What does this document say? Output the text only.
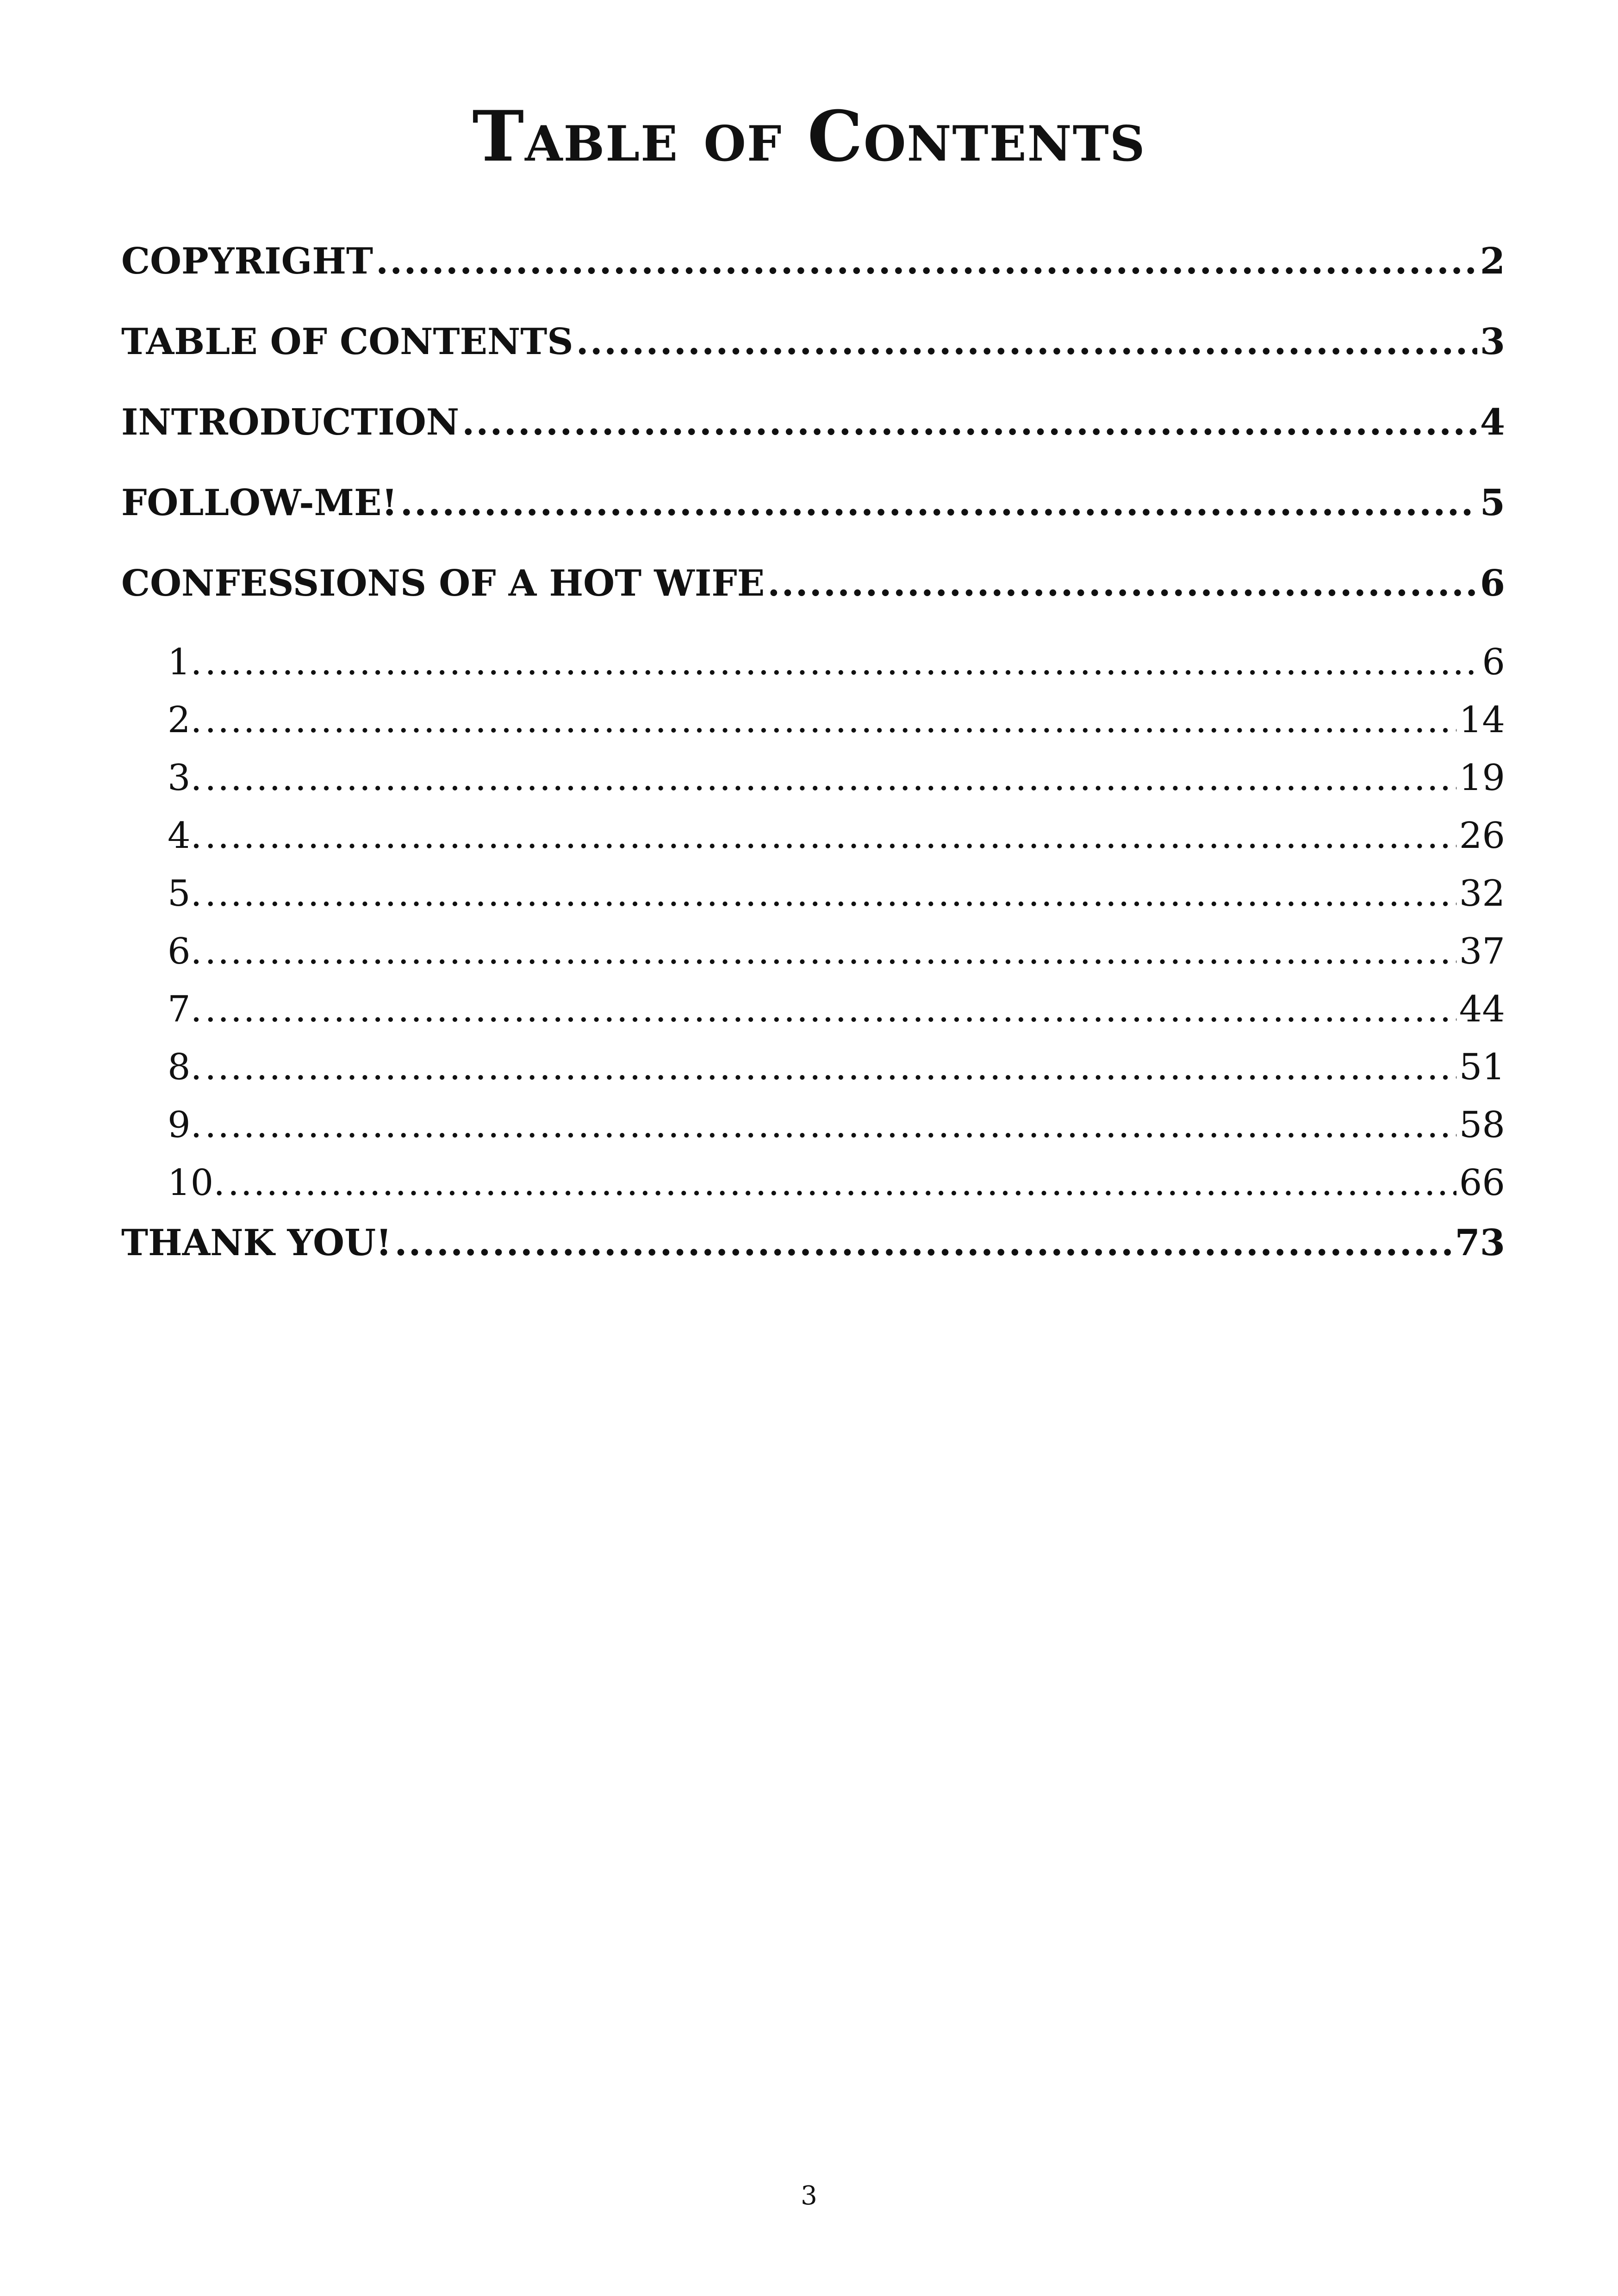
Table of Contents
COPYRIGHT .....	2
TABLE OF CONTENTS .....	3
INTRODUCTION .....	4
FOLLOW-ME! .....	5
CONFESSIONS OF A HOT WIFE .....	6
1. .....	6
2. .....	14
3. .....	19
4. .....	26
5. .....	32
6. .....	37
7. .....	44
8. .....	51
9. .....	58
10. .....	66
THANK YOU! .....	73
3
